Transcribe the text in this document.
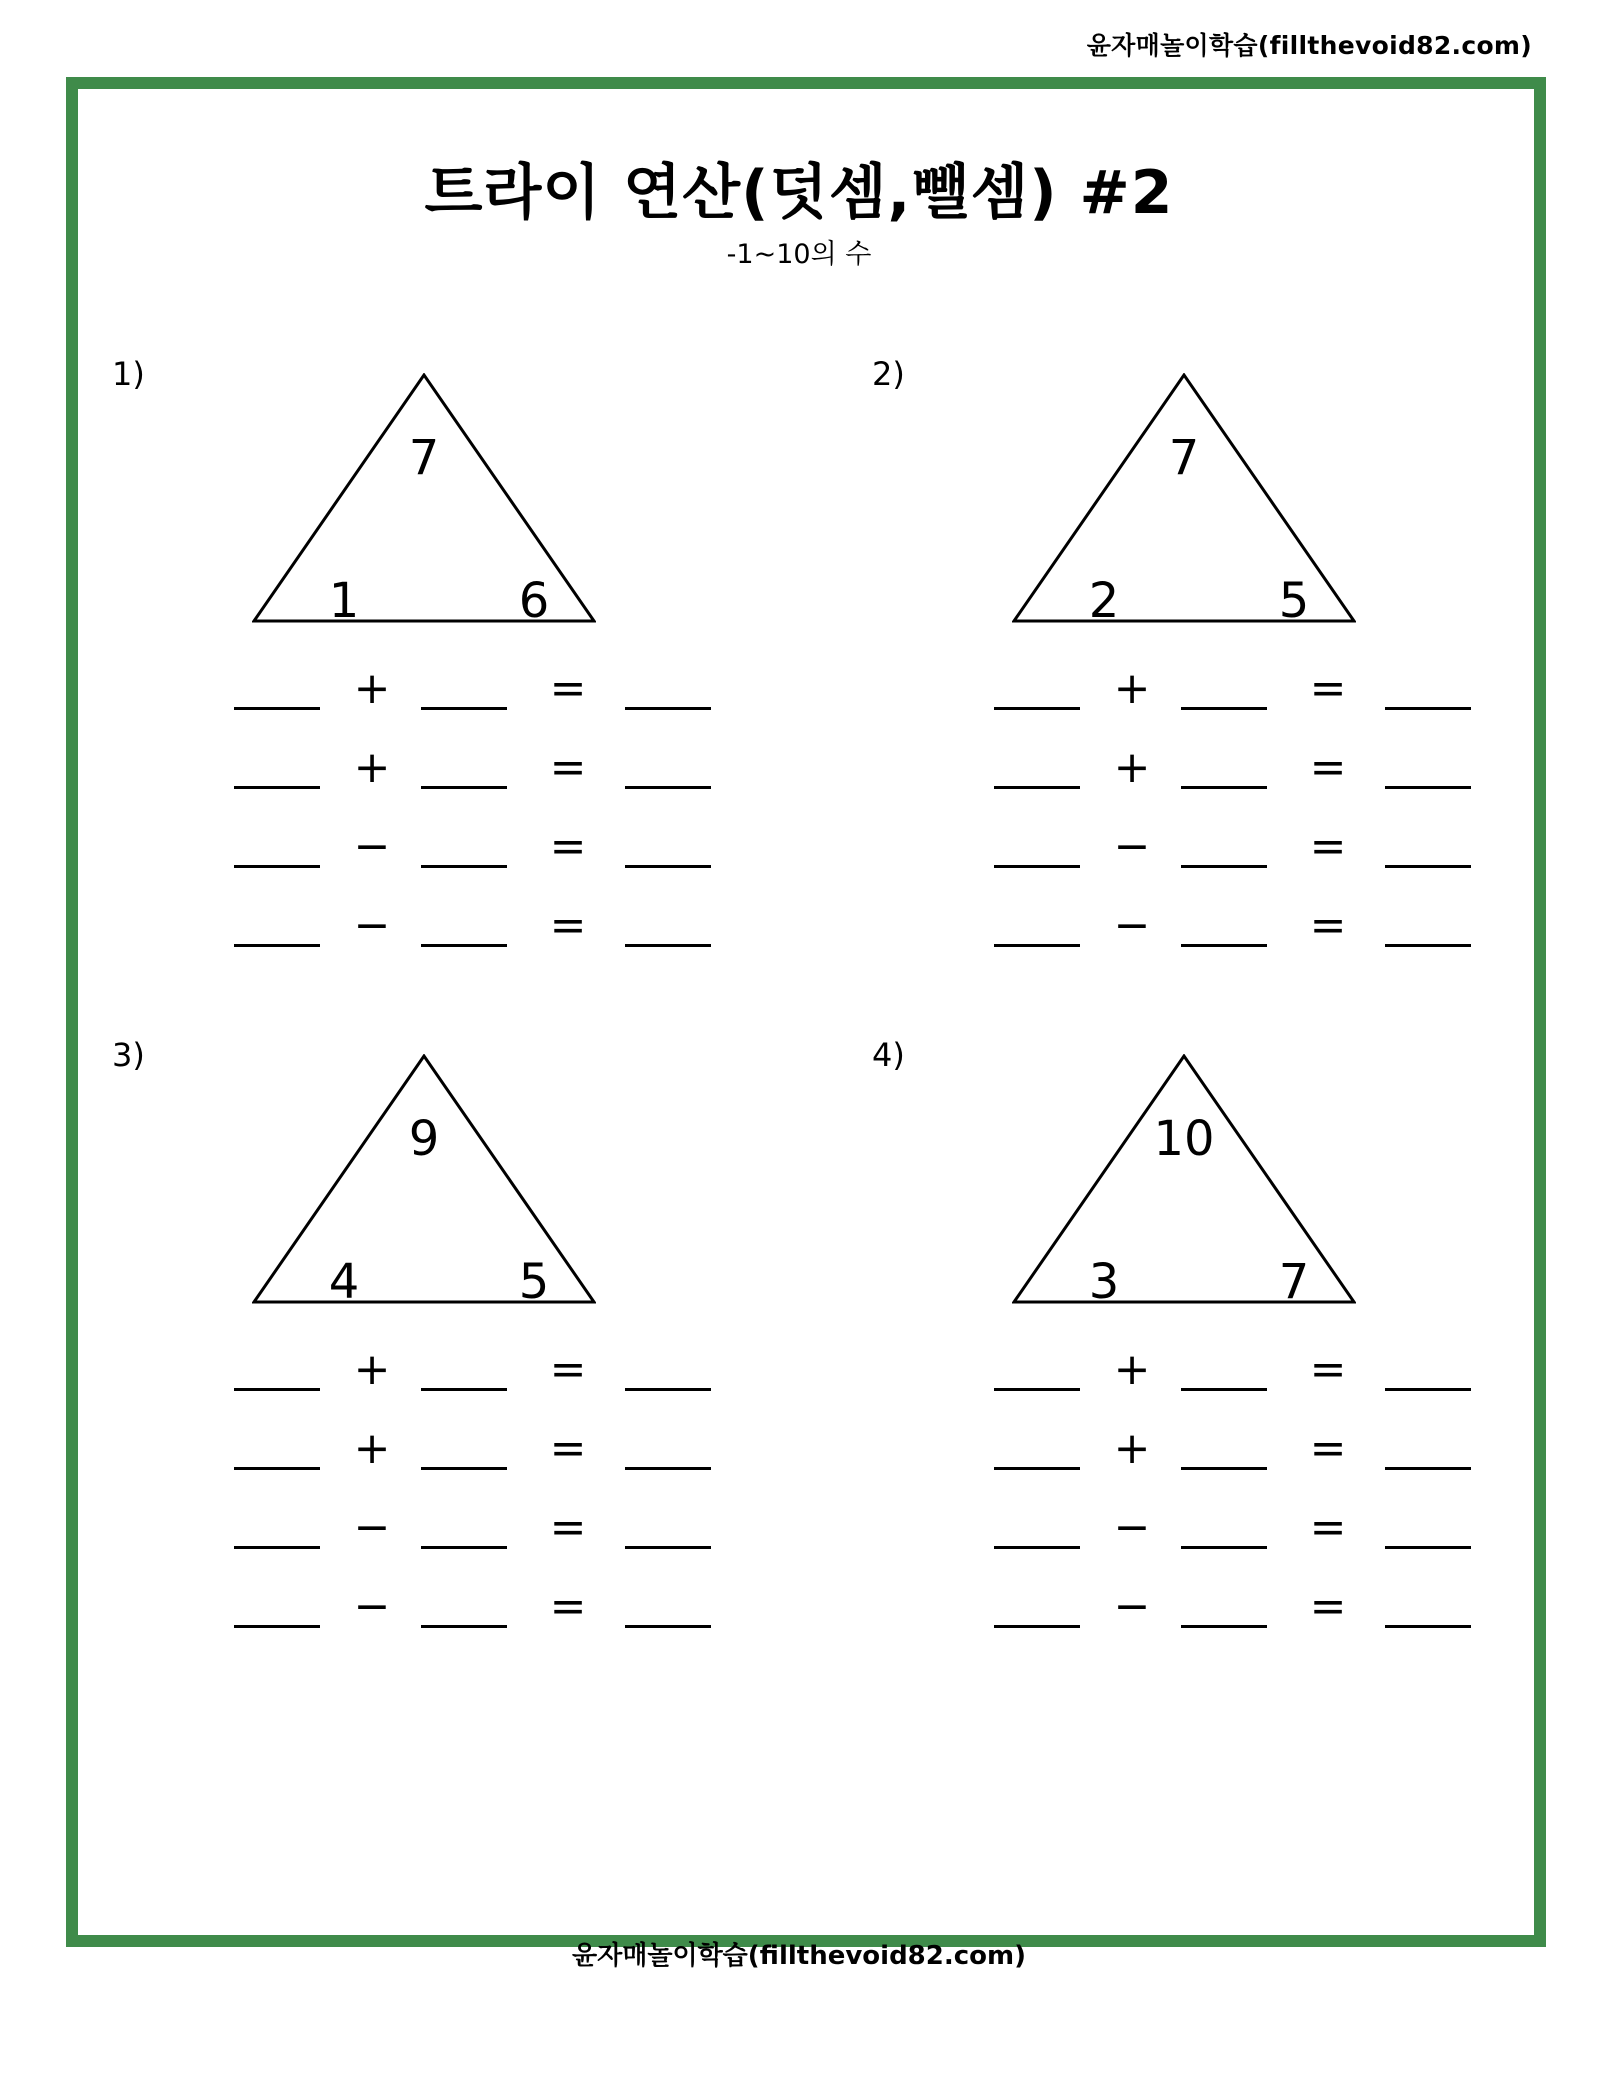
윤자매놀이학습(fillthevoid82.com)
트라이 연산(덧셈,뺄셈) #2
-1~10의 수
1)
7
1	6
+	=
+	=
−	=
−	=
2)
7
2	5
+	=
+	=
−	=
−	=
3)
9
4	5
+	=
+	=
−	=
−	=
4)
10
3	7
+	=
+	=
−	=
−	=
윤자매놀이학습(fillthevoid82.com)
